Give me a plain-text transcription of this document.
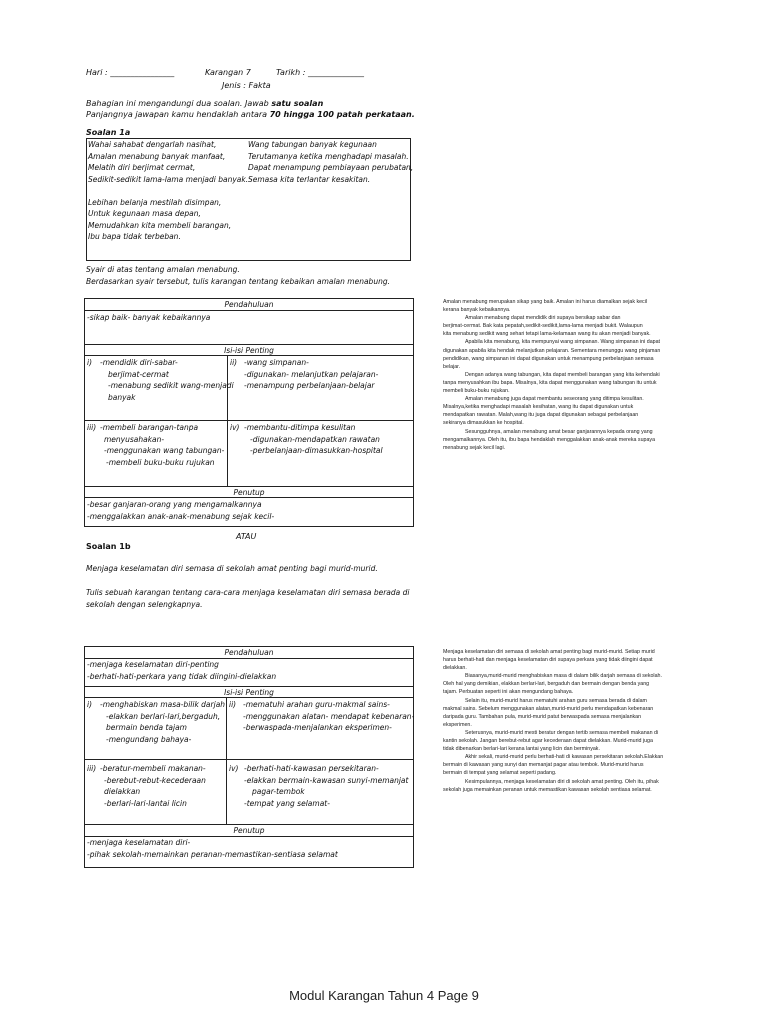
Hari : ________________	Karangan 7	Tarikh : ______________
Jenis : Fakta
Bahagian ini mengandungi dua soalan. Jawab satu soalan
Panjangnya jawapan kamu hendaklah antara 70 hingga 100 patah perkataan.
Soalan 1a
Wahai sahabat dengarlah nasihat,
Amalan menabung banyak manfaat,
Melatih diri berjimat cermat,
Sedikit-sedikit lama-lama menjadi banyak.
Lebihan belanja mestilah disimpan,
Untuk kegunaan masa depan,
Memudahkan kita membeli barangan,
Ibu bapa tidak terbeban.
Wang tabungan banyak kegunaan
Terutamanya ketika menghadapi masalah.
Dapat menampung pembiayaan perubatan,
Semasa kita terlantar kesakitan.
Syair di atas tentang amalan menabung.
Berdasarkan syair tersebut, tulis karangan tentang kebaikan amalan menabung.
Pendahuluan
-sikap baik- banyak kebaikannya
Isi-isi Penting
i) -mendidik diri-sabar-
berjimat-cermat
-menabung sedikit wang-menjadi
banyak
ii) -wang simpanan-
-digunakan- melanjutkan pelajaran-
-menampung perbelanjaan-belajar
iii) -membeli barangan-tanpa
menyusahakan-
-menggunakan wang tabungan-
-membeli buku-buku rujukan
iv) -membantu-ditimpa kesulitan
-digunakan-mendapatkan rawatan
-perbelanjaan-dimasukkan-hospital
Penutup
-besar ganjaran-orang yang mengamalkannya
-menggalakkan anak-anak-menabung sejak kecil-

Amalan menabung merupakan sikap yang baik. Amalan ini harus diamalkan sejak kecil
kerana banyak kebaikannya.

Amalan menabung dapat mendidik diri supaya bersikap sabar dan
berjimat-cermat. Bak kata pepatah,sedikit-sedikit,lama-lama menjadi bukit. Walaupun
kita menabung sedikit wang sehari tetapi lama-kelamaan wang itu akan menjadi banyak.

Apabila kita menabung, kita mempunyai wang simpanan. Wang simpanan ini dapat
digunakan apabila kita hendak melanjutkan pelajaran. Sementara menunggu wang pinjaman
pendidikan, wang simpanan ini dapat digunakan untuk menampung perbelanjaan semasa
belajar.

Dengan adanya wang tabungan, kita dapat membeli barangan yang kita kehendaki
tanpa menyusahkan ibu bapa. Misalnya, kita dapat menggunakan wang tabungan itu untuk
membeli buku-buku rujukan.

Amalan menabung juga dapat membantu seseorang yang ditimpa kesulitan.
Misalnya,ketika menghadapi masalah kesihatan, wang itu dapat digunakan untuk
mendapatkan rawatan. Malah,wang itu juga dapat digunakan sebagai perbelanjaan
sekiranya dimasukkan ke hospital.

Sesungguhnya, amalan menabung amat besar ganjarannya kepada orang yang
mengamalkannya. Oleh itu, ibu bapa hendaklah menggalakkan anak-anak mereka supaya
menabung sejak kecil lagi.

ATAU
Soalan 1b
Menjaga keselamatan diri semasa di sekolah amat penting bagi murid-murid.
Tulis sebuah karangan tentang cara-cara menjaga keselamatan diri semasa berada di
sekolah dengan selengkapnya.
Pendahuluan
-menjaga keselamatan diri-penting
-berhati-hati-perkara yang tidak diingini-dielakkan
Isi-isi Penting
i) -menghabiskan masa-bilik darjah
-elakkan berlari-lari,bergaduh,
bermain benda tajam
-mengundang bahaya-
ii) -mematuhi arahan guru-makmal sains-
-menggunakan alatan- mendapat kebenaran-
-berwaspada-menjalankan eksperimen-
iii) -beratur-membeli makanan-
-berebut-rebut-kecederaan
dielakkan
-berlari-lari-lantai licin
iv) -berhati-hati-kawasan persekitaran-
-elakkan bermain-kawasan sunyi-memanjat
pagar-tembok
-tempat yang selamat-
Penutup
-menjaga keselamatan diri-
-pihak sekolah-memainkan peranan-memastikan-sentiasa selamat

Menjaga keselamatan diri semasa di sekolah amat penting bagi murid-murid. Setiap murid
harus berhati-hati dan menjaga keselamatan diri supaya perkara yang tidak diingini dapat
dielakkan.

Biasanya,murid-murid menghabiskan masa di dalam bilik darjah semasa di sekolah.
Oleh hal yang demikian, elakkan berlari-lari, bergaduh dan bermain dengan benda yang
tajam. Perbuatan seperti ini akan mengundang bahaya.

Selain itu, murid-murid harus mematuhi arahan guru semasa berada di dalam
makmal sains. Sebelum menggunakan alatan,murid-murid perlu mendapatkan kebenaran
daripada guru. Tambahan pula, murid-murid patut berwaspada semasa menjalankan
eksperimen.

Seterusnya, murid-murid mesti beratur dengan tertib semasa membeli makanan di
kantin sekolah. Jangan berebut-rebut agar kecederaan dapat dielakkan. Murid-murid juga
tidak dibenarkan berlari-lari kerana lantai yang licin dan berminyak.

Akhir sekali, murid-murid perlu berhati-hati di kawasan persekitaran sekolah.Elakkan
bermain di kawasan yang sunyi dan memanjat pagar atau tembok. Murid-murid harus
bermain di tempat yang selamat seperti padang.

Kesimpulannya, menjaga keselamatan diri di sekolah amat penting. Oleh itu, pihak
sekolah juga memainkan peranan untuk memastikan kawasan sekolah sentiasa selamat.

Modul Karangan Tahun 4 Page 9
